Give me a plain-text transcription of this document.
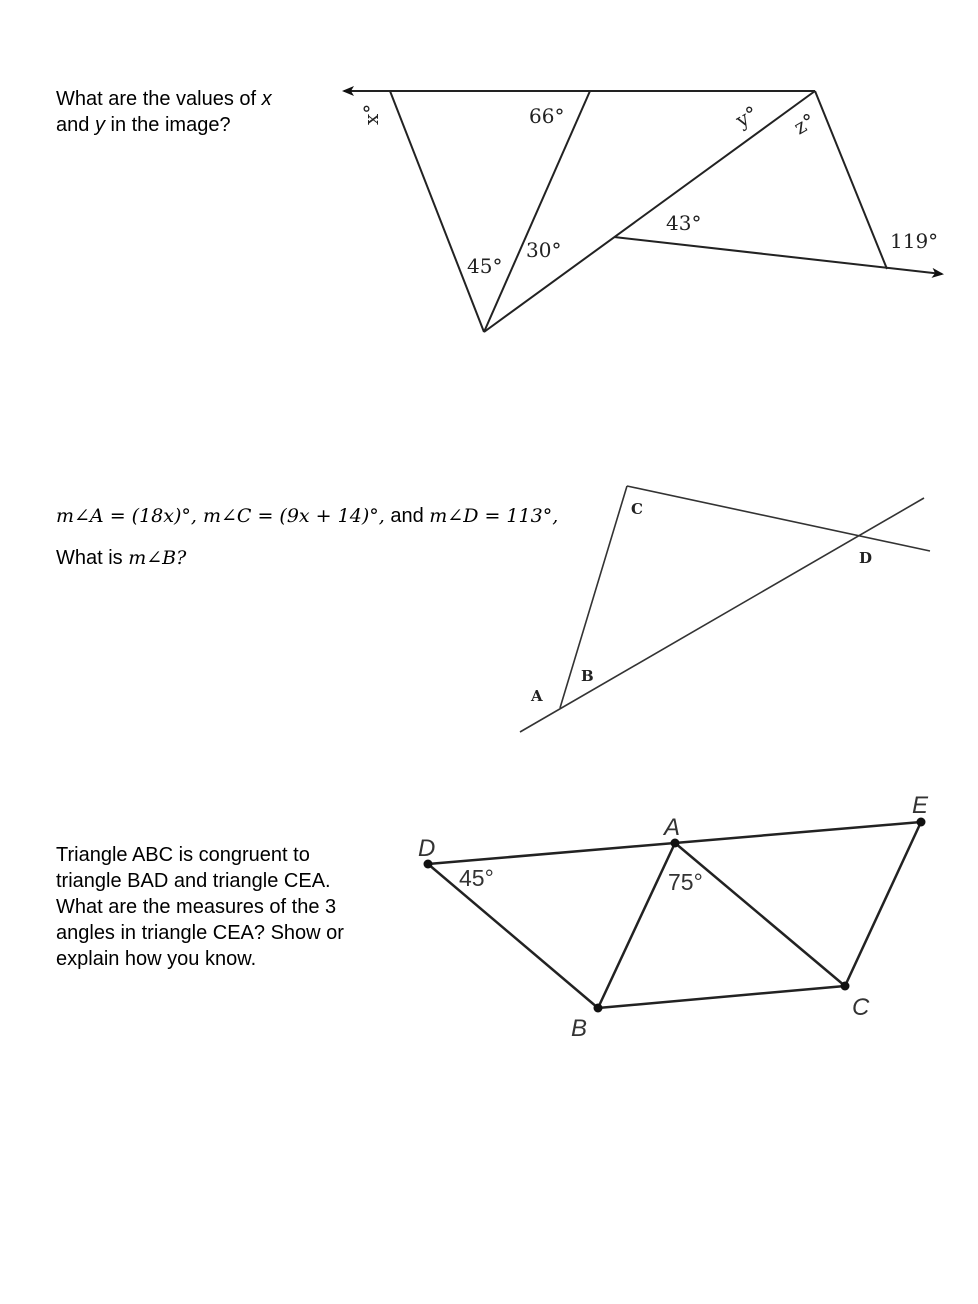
What are the values of x
and y in the image?
m∠A = (18x)°, m∠C = (9x + 14)°, and m∠D = 113°,
What is m∠B?
Triangle ABC is congruent to
triangle BAD and triangle CEA.
What are the measures of the 3
angles in triangle CEA? Show or
explain how you know.
x°	66°	y° z°
45°
30°
43°
119°
C
D
B
A
D
A
E
B
C
45°	75°
